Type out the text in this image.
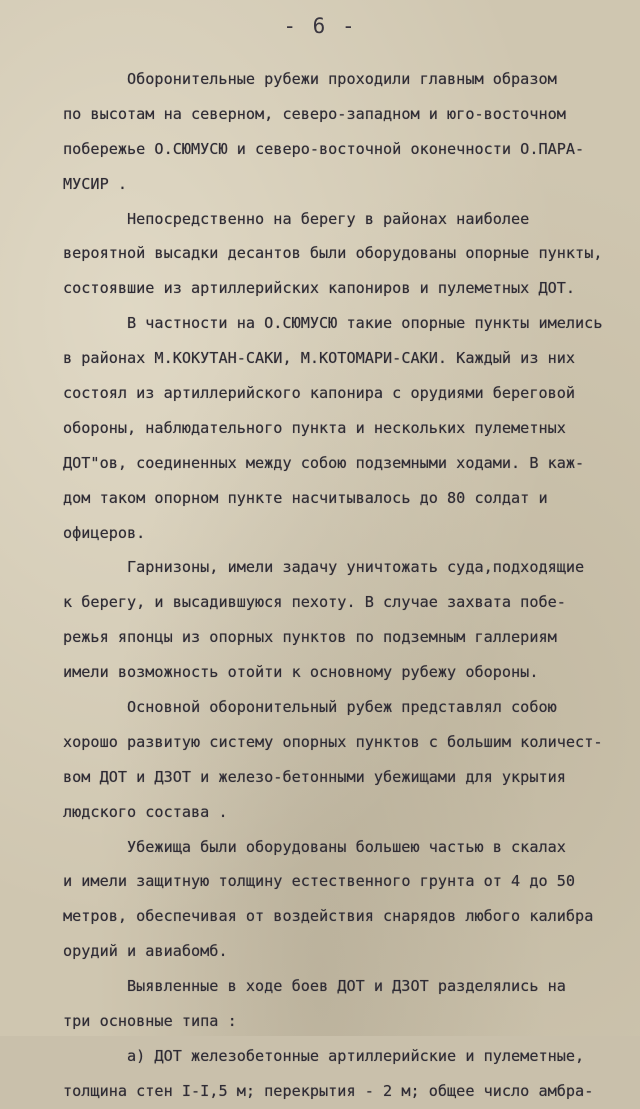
- 6 -
Оборонительные рубежи проходили главным образом
по высотам на северном, северо-западном и юго-восточном
побережье О.СЮМУСЮ и северо-восточной оконечности О.ПАРА-
МУСИР .
Непосредственно на берегу в районах наиболее
вероятной высадки десантов были оборудованы опорные пункты,
состоявшие из артиллерийских капониров и пулеметных ДОТ.
В частности на О.СЮМУСЮ такие опорные пункты имелись
в районах М.КОКУТАН-САКИ, М.КОТОМАРИ-САКИ. Каждый из них
состоял из артиллерийского капонира с орудиями береговой
обороны, наблюдательного пункта и нескольких пулеметных
ДОТ"ов, соединенных между собою подземными ходами. В каж-
дом таком опорном пункте насчитывалось до 80 солдат и
офицеров.
Гарнизоны, имели задачу уничтожать суда,подходящие
к берегу, и высадившуюся пехоту. В случае захвата побе-
режья японцы из опорных пунктов по подземным галлериям
имели возможность отойти к основному рубежу обороны.
Основной оборонительный рубеж представлял собою
хорошо развитую систему опорных пунктов с большим количест-
вом ДОТ и ДЗОТ и железо-бетонными убежищами для укрытия
людского состава .
Убежища были оборудованы большею частью в скалах
и имели защитную толщину естественного грунта от 4 до 50
метров, обеспечивая от воздействия снарядов любого калибра
орудий и авиабомб.
Выявленные в ходе боев ДОТ и ДЗОТ разделялись на
три основные типа :
а) ДОТ железобетонные артиллерийские и пулеметные,
толщина стен I-I,5 м; перекрытия - 2 м; общее число амбра-
